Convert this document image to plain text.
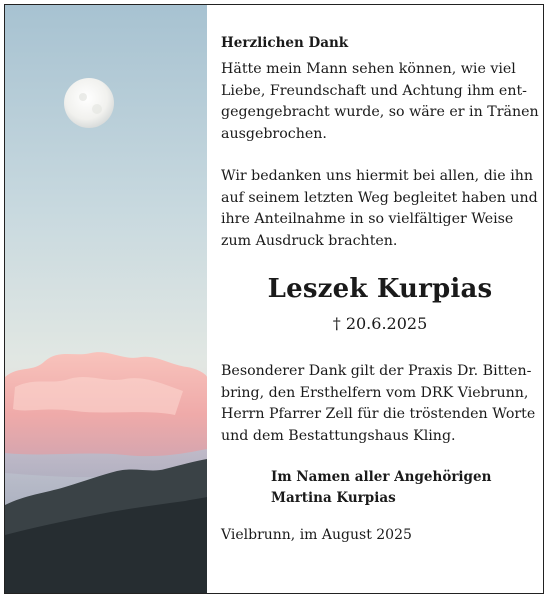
Herzlichen Dank

Hätte mein Mann sehen können, wie viel Liebe, Freundschaft und Achtung ihm ent-gegengebracht wurde, so wäre er in Tränen ausgebrochen.

Wir bedanken uns hiermit bei allen, die ihn auf seinem letzten Weg begleitet haben und ihre Anteilnahme in so vielfältiger Weise zum Ausdruck brachten.

Leszek Kurpias
† 20.6.2025

Besonderer Dank gilt der Praxis Dr. Bitten-bring, den Ersthelfern vom DRK Viebrunn, Herrn Pfarrer Zell für die tröstenden Worte und dem Bestattungshaus Kling.

Im Namen aller Angehörigen
Martina Kurpias
Vielbrunn, im August 2025
